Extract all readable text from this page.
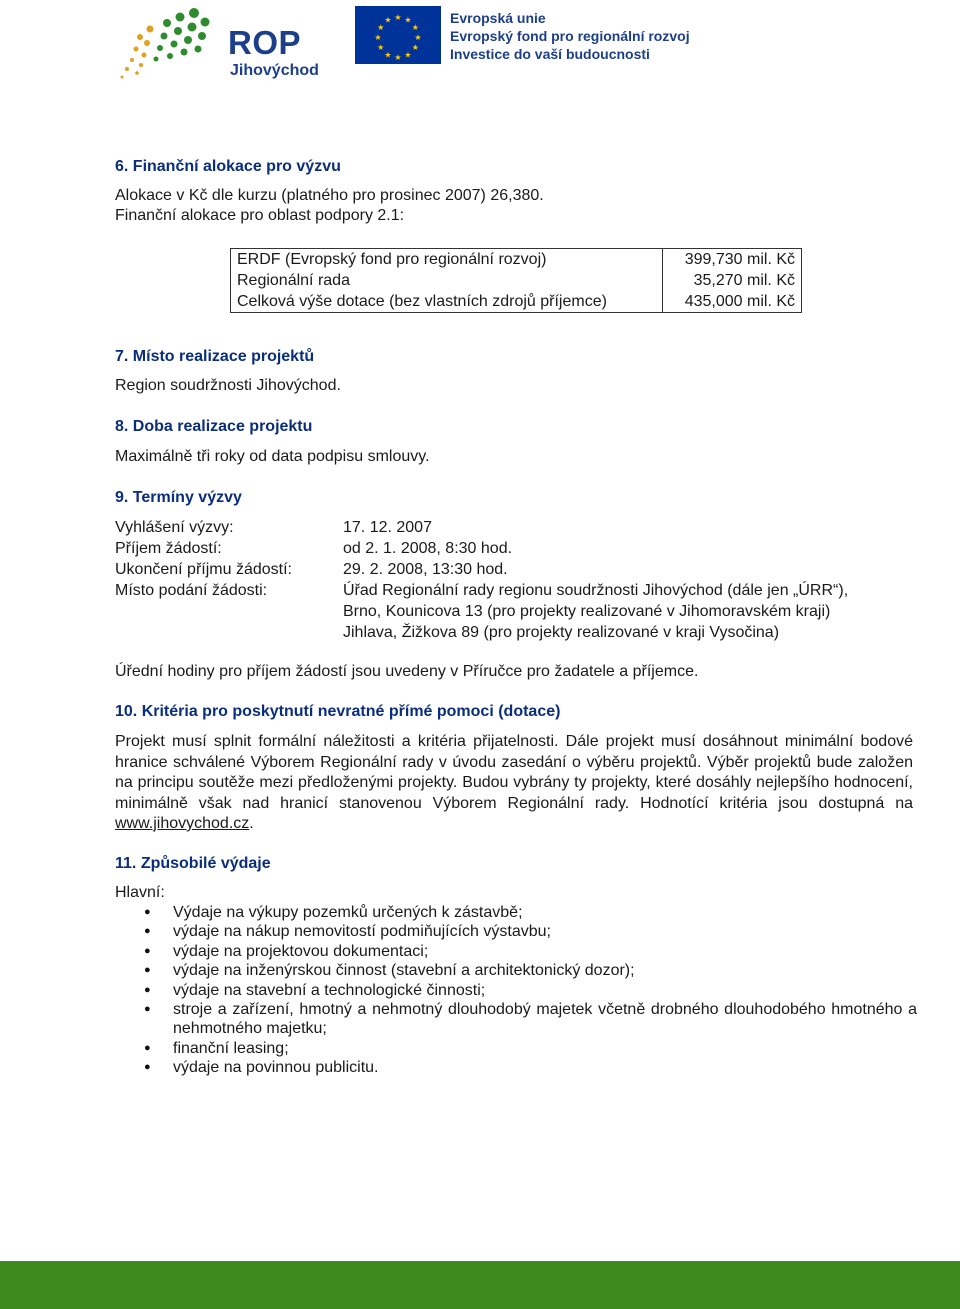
ROP
Jihovýchod
★ ★
★
★
★
★
★
★
★
★
★
★	Evropská unie
Evropský fond pro regionální rozvoj
Investice do vaší budoucnosti
6. Finanční alokace pro výzvu
Alokace v Kč dle kurzu (platného pro prosinec 2007) 26,380.
Finanční alokace pro oblast podpory 2.1:
ERDF (Evropský fond pro regionální rozvoj)	399,730 mil. Kč
Regionální rada	35,270 mil. Kč
Celková výše dotace (bez vlastních zdrojů příjemce)	435,000 mil. Kč
7. Místo realizace projektů
Region soudržnosti Jihovýchod.
8. Doba realizace projektu
Maximálně tři roky od data podpisu smlouvy.
9. Termíny výzvy
Vyhlášení výzvy:	17. 12. 2007
Příjem žádostí:	od 2. 1. 2008, 8:30 hod.
Ukončení příjmu žádostí:	29. 2. 2008, 13:30 hod.
Místo podání žádosti:	Úřad Regionální rady regionu soudržnosti Jihovýchod (dále jen „ÚRR“),
Brno, Kounicova 13 (pro projekty realizované v Jihomoravském kraji)
Jihlava, Žižkova 89 (pro projekty realizované v kraji Vysočina)
Úřední hodiny pro příjem žádostí jsou uvedeny v Příručce pro žadatele a příjemce.
10. Kritéria pro poskytnutí nevratné přímé pomoci (dotace)
Projekt musí splnit formální náležitosti a kritéria přijatelnosti. Dále projekt musí dosáhnout minimální bodové hranice schválené Výborem Regionální rady v úvodu zasedání o výběru projektů. Výběr projektů bude založen na principu soutěže mezi předloženými projekty. Budou vybrány ty projekty, které dosáhly nejlepšího hodnocení, minimálně však nad hranicí stanovenou Výborem Regionální rady. Hodnotící kritéria jsou dostupná na www.jihovychod.cz.
11. Způsobilé výdaje
Hlavní:
● Výdaje na výkupy pozemků určených k zástavbě;
● výdaje na nákup nemovitostí podmiňujících výstavbu;
● výdaje na projektovou dokumentaci;
● výdaje na inženýrskou činnost (stavební a architektonický dozor);
● výdaje na stavební a technologické činnosti;
● stroje a zařízení, hmotný a nehmotný dlouhodobý majetek včetně drobného dlouhodobého hmotného a nehmotného majetku;
● finanční leasing;
● výdaje na povinnou publicitu.
